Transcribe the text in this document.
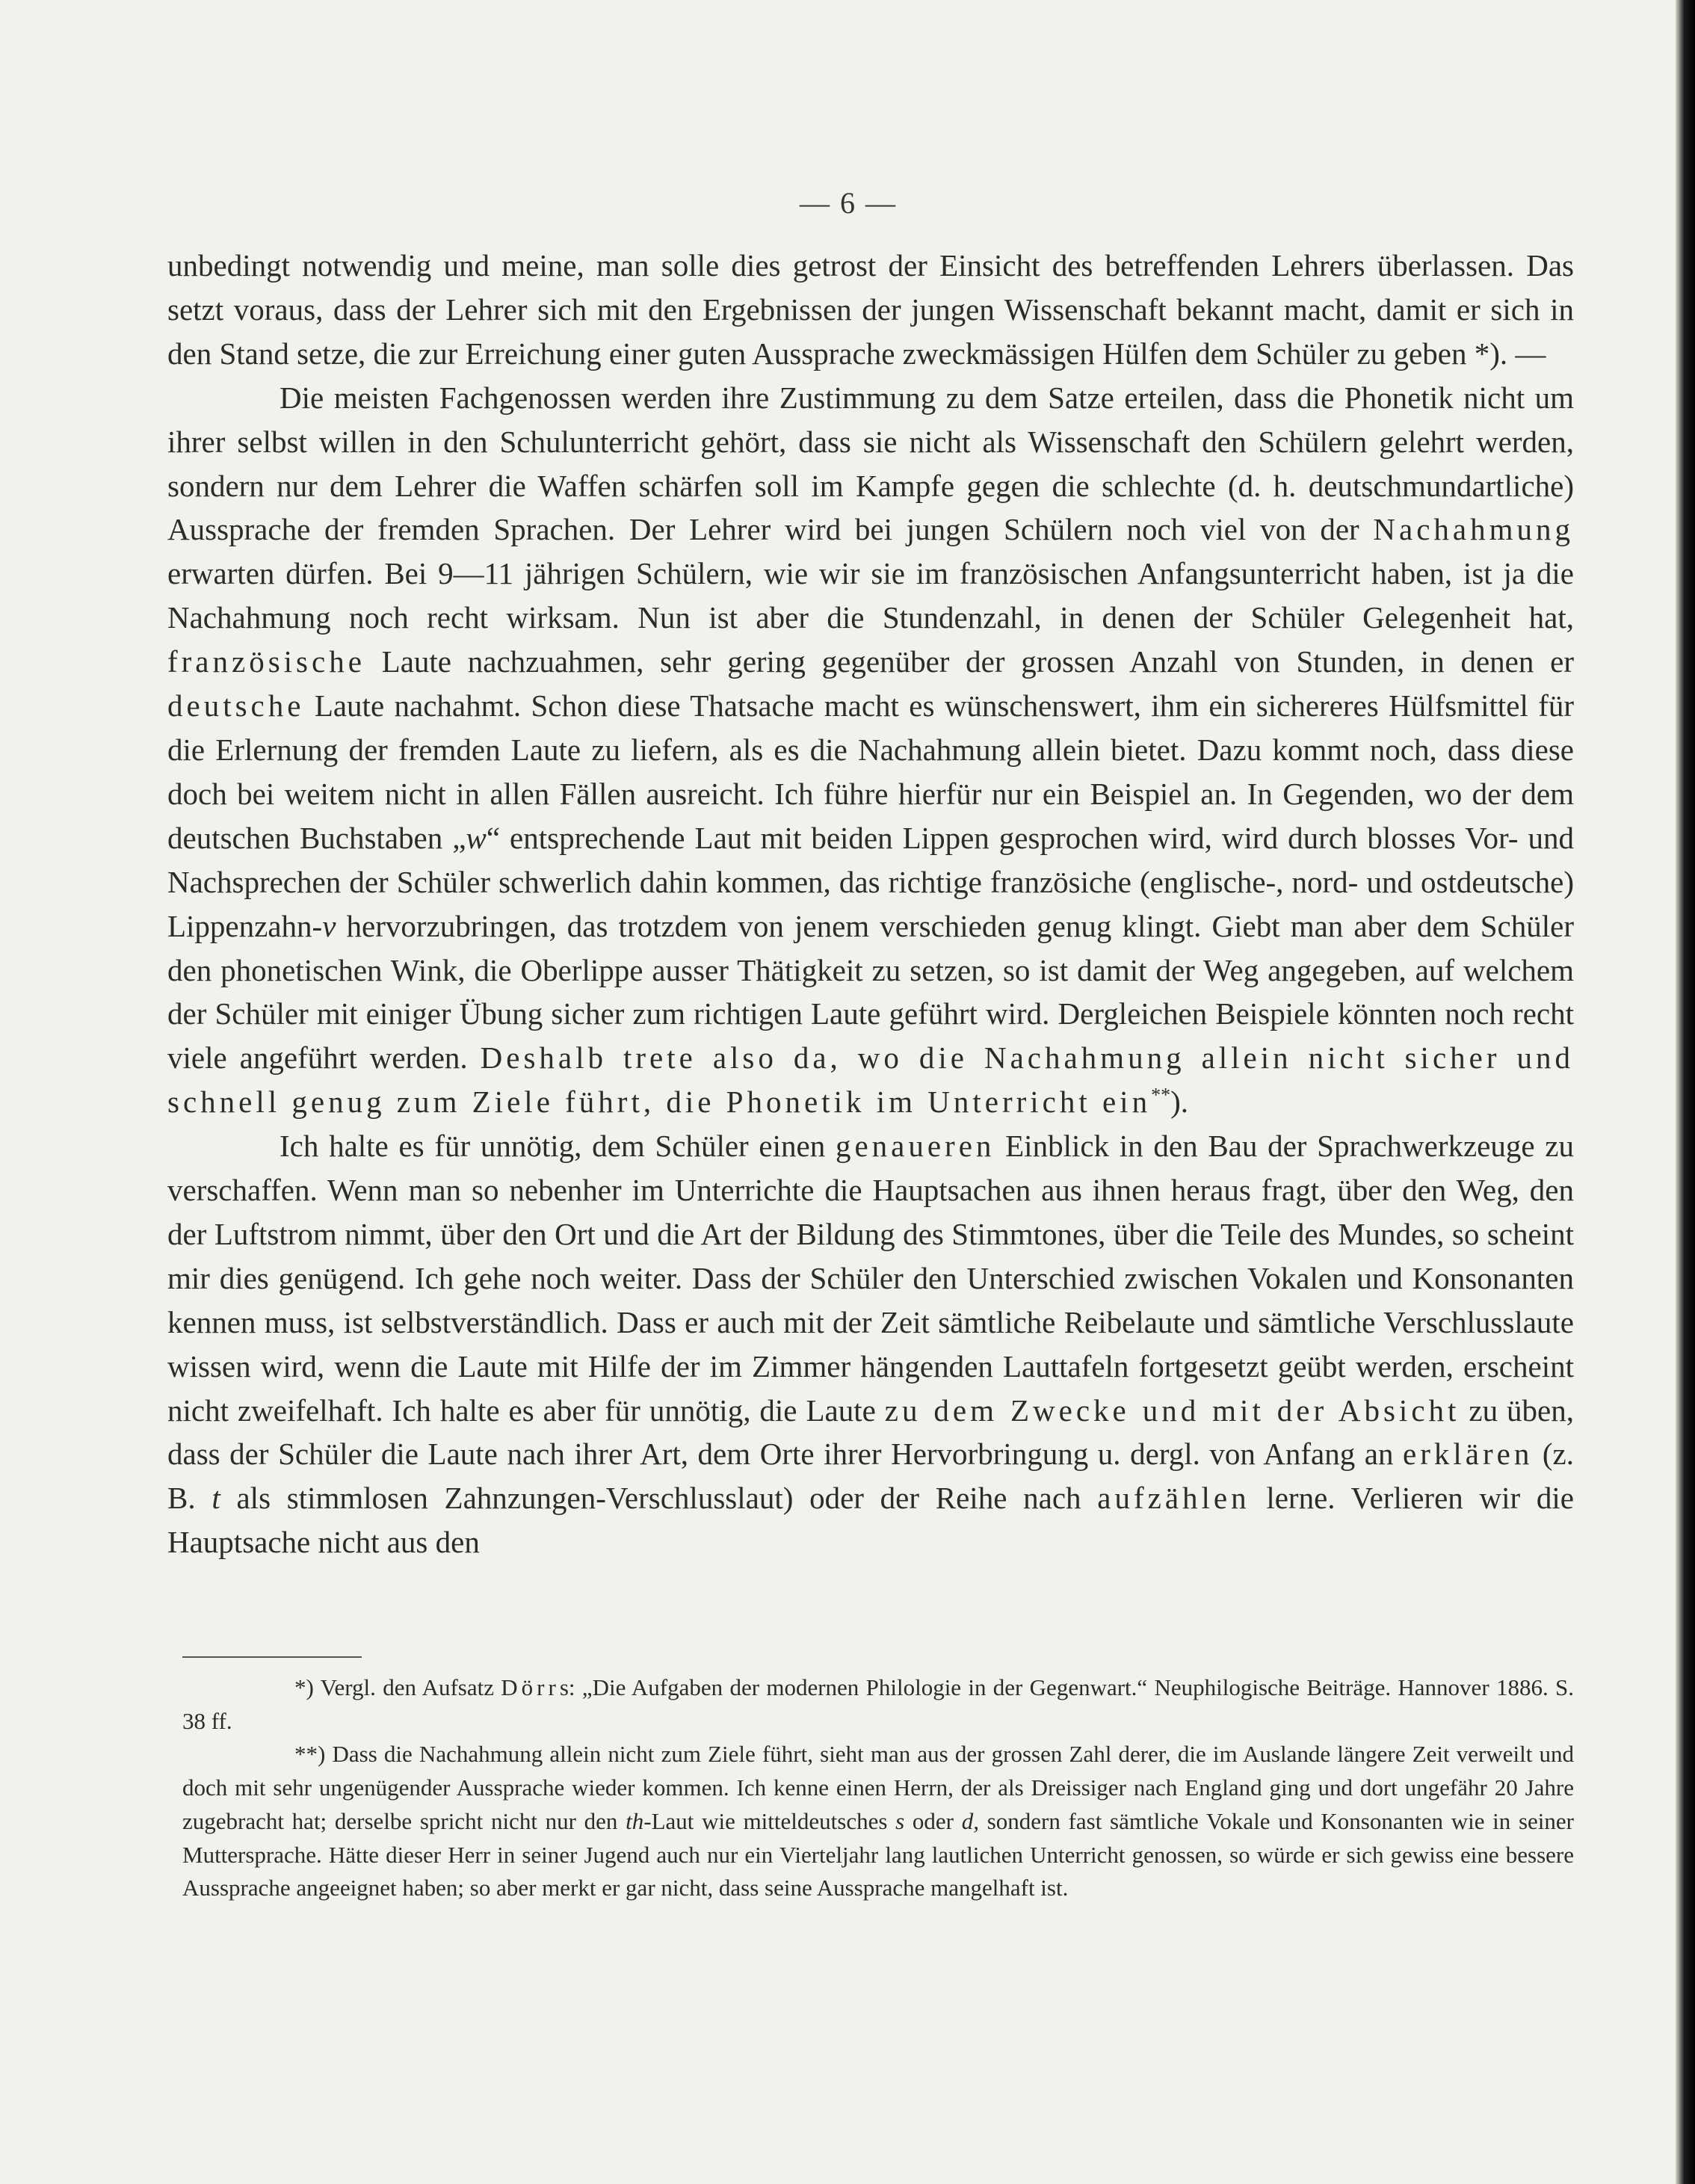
— 6 —

unbedingt notwendig und meine, man solle dies getrost der Einsicht des betreffenden Lehrers überlassen. Das setzt voraus, dass der Lehrer sich mit den Ergebnissen der jungen Wissenschaft bekannt macht, damit er sich in den Stand setze, die zur Erreichung einer guten Aussprache zweckmässigen Hülfen dem Schüler zu geben *). —

Die meisten Fachgenossen werden ihre Zustimmung zu dem Satze erteilen, dass die Phonetik nicht um ihrer selbst willen in den Schulunterricht gehört, dass sie nicht als Wissenschaft den Schülern gelehrt werden, sondern nur dem Lehrer die Waffen schärfen soll im Kampfe gegen die schlechte (d. h. deutschmundartliche) Aussprache der fremden Sprachen. Der Lehrer wird bei jungen Schülern noch viel von der Nachahmung erwarten dürfen. Bei 9—11 jährigen Schülern, wie wir sie im französischen Anfangsunterricht haben, ist ja die Nachahmung noch recht wirksam. Nun ist aber die Stundenzahl, in denen der Schüler Gelegenheit hat, französische Laute nachzuahmen, sehr gering gegenüber der grossen Anzahl von Stunden, in denen er deutsche Laute nachahmt. Schon diese Thatsache macht es wünschenswert, ihm ein sichereres Hülfsmittel für die Erlernung der fremden Laute zu liefern, als es die Nachahmung allein bietet. Dazu kommt noch, dass diese doch bei weitem nicht in allen Fällen ausreicht. Ich führe hierfür nur ein Beispiel an. In Gegenden, wo der dem deutschen Buchstaben „w“ entsprechende Laut mit beiden Lippen gesprochen wird, wird durch blosses Vor- und Nachsprechen der Schüler schwerlich dahin kommen, das richtige französiche (englische-, nord- und ostdeutsche) Lippenzahn-v hervorzubringen, das trotzdem von jenem verschieden genug klingt. Giebt man aber dem Schüler den phonetischen Wink, die Oberlippe ausser Thätigkeit zu setzen, so ist damit der Weg angegeben, auf welchem der Schüler mit einiger Übung sicher zum richtigen Laute geführt wird. Dergleichen Beispiele könnten noch recht viele angeführt werden. Deshalb trete also da, wo die Nachahmung allein nicht sicher und schnell genug zum Ziele führt, die Phonetik im Unterricht ein**).

Ich halte es für unnötig, dem Schüler einen genaueren Einblick in den Bau der Sprachwerkzeuge zu verschaffen. Wenn man so nebenher im Unterrichte die Hauptsachen aus ihnen heraus fragt, über den Weg, den der Luftstrom nimmt, über den Ort und die Art der Bildung des Stimmtones, über die Teile des Mundes, so scheint mir dies genügend. Ich gehe noch weiter. Dass der Schüler den Unterschied zwischen Vokalen und Konsonanten kennen muss, ist selbstverständlich. Dass er auch mit der Zeit sämtliche Reibelaute und sämtliche Verschlusslaute wissen wird, wenn die Laute mit Hilfe der im Zimmer hängenden Lauttafeln fortgesetzt geübt werden, erscheint nicht zweifelhaft. Ich halte es aber für unnötig, die Laute zu dem Zwecke und mit der Absicht zu üben, dass der Schüler die Laute nach ihrer Art, dem Orte ihrer Hervorbringung u. dergl. von Anfang an erklären (z. B. t als stimmlosen Zahnzungen-Verschlusslaut) oder der Reihe nach aufzählen lerne. Verlieren wir die Hauptsache nicht aus den

*) Vergl. den Aufsatz Dörrs: „Die Aufgaben der modernen Philologie in der Gegenwart.“ Neuphilogische Beiträge. Hannover 1886. S. 38 ff.

**) Dass die Nachahmung allein nicht zum Ziele führt, sieht man aus der grossen Zahl derer, die im Auslande längere Zeit verweilt und doch mit sehr ungenügender Aussprache wieder kommen. Ich kenne einen Herrn, der als Dreissiger nach England ging und dort ungefähr 20 Jahre zugebracht hat; derselbe spricht nicht nur den th-Laut wie mitteldeutsches s oder d, sondern fast sämtliche Vokale und Konsonanten wie in seiner Muttersprache. Hätte dieser Herr in seiner Jugend auch nur ein Vierteljahr lang lautlichen Unterricht genossen, so würde er sich gewiss eine bessere Aussprache angeeignet haben; so aber merkt er gar nicht, dass seine Aussprache mangelhaft ist.
